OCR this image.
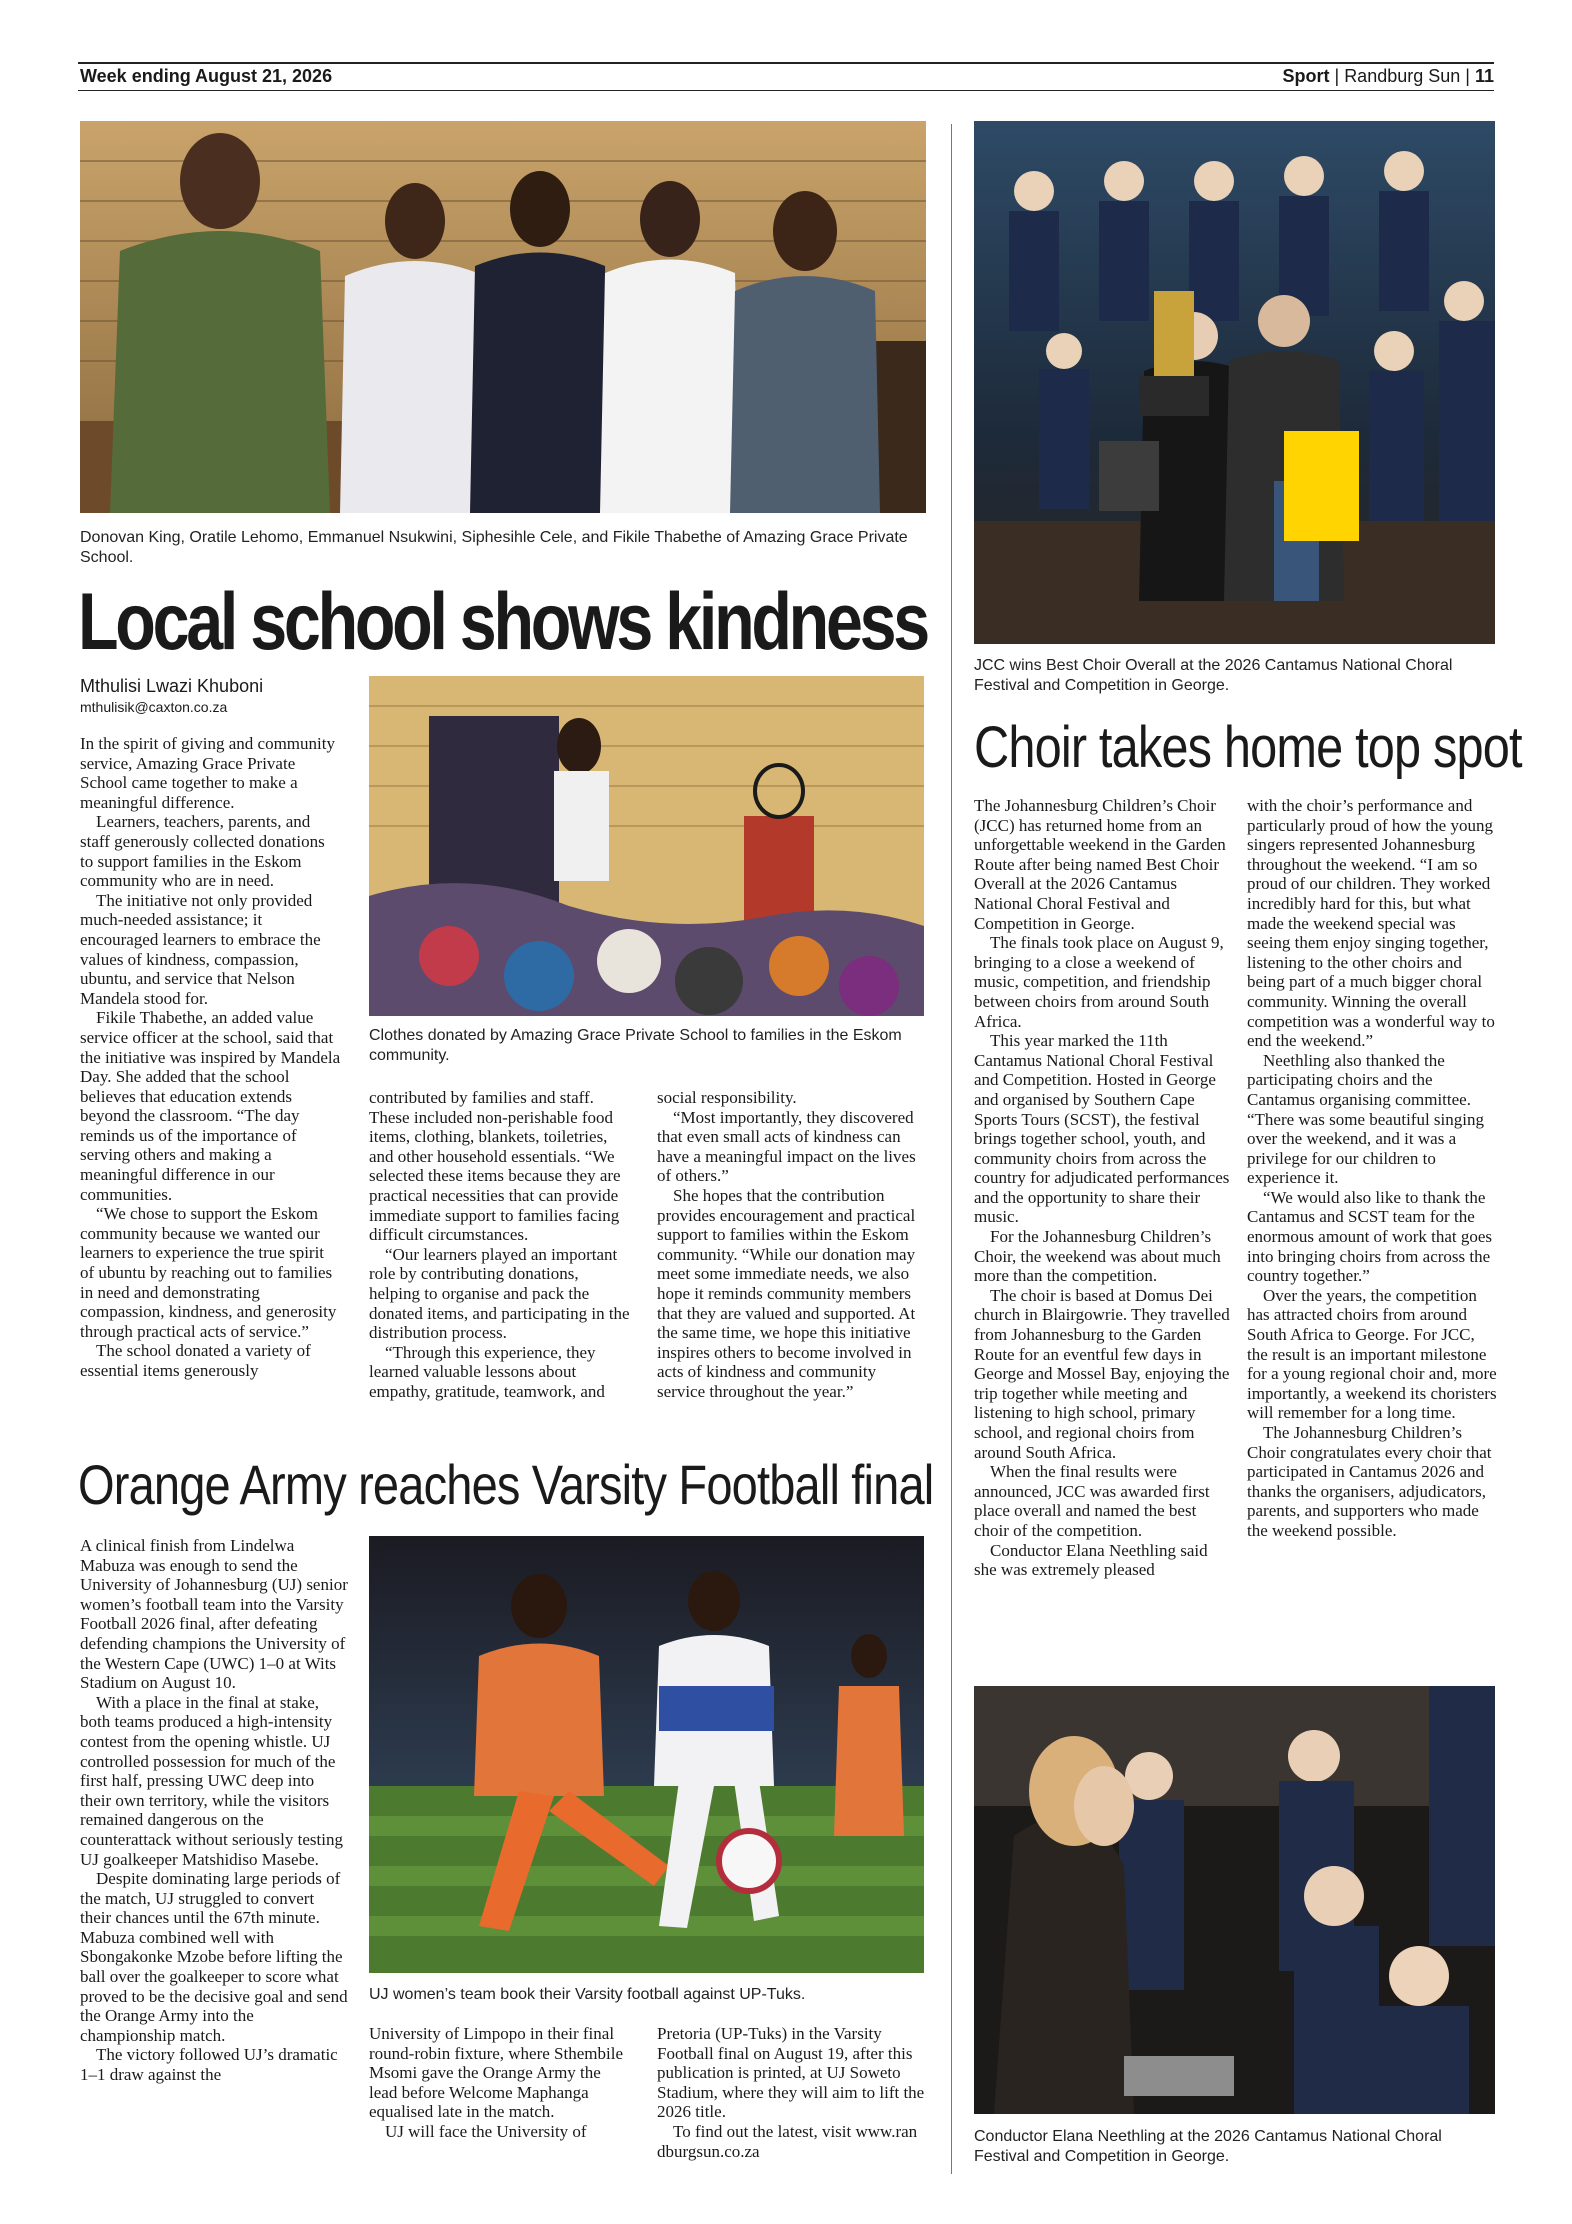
Week ending August 21, 2026	Sport | Randburg Sun | 11
Donovan King, Oratile Lehomo, Emmanuel Nsukwini, Siphesihle Cele, and Fikile Thabethe of Amazing Grace Private School.
Local school shows kindness
Mthulisi Lwazi Khuboni
mthulisik@caxton.co.za
Clothes donated by Amazing Grace Private School to families in the Eskom community.

In the spirit of giving and community service, Amazing Grace Private School came together to make a meaningful difference.

Learners, teachers, parents, and staff generously collected donations to support families in the Eskom community who are in need.

The initiative not only provided much-needed assistance; it encouraged learners to embrace the values of kindness, compassion, ubuntu, and service that Nelson Mandela stood for.

Fikile Thabethe, an added value service officer at the school, said that the initiative was inspired by Mandela Day. She added that the school believes that education extends beyond the classroom. “The day reminds us of the importance of serving others and making a meaningful difference in our communities.

“We chose to support the Eskom community because we wanted our learners to experience the true spirit of ubuntu by reaching out to families in need and demonstrating compassion, kindness, and generosity through practical acts of service.”

The school donated a variety of essential items generously

contributed by families and staff. These included non-perishable food items, clothing, blankets, toiletries, and other household essentials. “We selected these items because they are practical necessities that can provide immediate support to families facing difficult circumstances.

“Our learners played an important role by contributing donations, helping to organise and pack the donated items, and participating in the distribution process.

“Through this experience, they learned valuable lessons about empathy, gratitude, teamwork, and

social responsibility.

“Most importantly, they discovered that even small acts of kindness can have a meaningful impact on the lives of others.”

She hopes that the contribution provides encouragement and practical support to families within the Eskom community. “While our donation may meet some immediate needs, we also hope it reminds community members that they are valued and supported. At the same time, we hope this initiative inspires others to become involved in acts of kindness and community service throughout the year.”

Orange Army reaches Varsity Football final

A clinical finish from Lindelwa Mabuza was enough to send the University of Johannesburg (UJ) senior women’s football team into the Varsity Football 2026 final, after defeating defending champions the University of the Western Cape (UWC) 1–0 at Wits Stadium on August 10.

With a place in the final at stake, both teams produced a high-intensity contest from the opening whistle. UJ controlled possession for much of the first half, pressing UWC deep into their own territory, while the visitors remained dangerous on the counterattack without seriously testing UJ goalkeeper Matshidiso Masebe.

Despite dominating large periods of the match, UJ struggled to convert their chances until the 67th minute. Mabuza combined well with Sbongakonke Mzobe before lifting the ball over the goalkeeper to score what proved to be the decisive goal and send the Orange Army into the championship match.

The victory followed UJ’s dramatic 1–1 draw against the

UJ women’s team book their Varsity football against UP-Tuks.

University of Limpopo in their final round-robin fixture, where Sthembile Msomi gave the Orange Army the lead before Welcome Maphanga equalised late in the match.

UJ will face the University of

Pretoria (UP-Tuks) in the Varsity Football final on August 19, after this publication is printed, at UJ Soweto Stadium, where they will aim to lift the 2026 title.

To find out the latest, visit www.randburgsun.co.za

JCC wins Best Choir Overall at the 2026 Cantamus National Choral Festival and Competition in George.
Choir takes home top spot

The Johannesburg Children’s Choir (JCC) has returned home from an unforgettable weekend in the Garden Route after being named Best Choir Overall at the 2026 Cantamus National Choral Festival and Competition in George.

The finals took place on August 9, bringing to a close a weekend of music, competition, and friendship between choirs from around South Africa.

This year marked the 11th Cantamus National Choral Festival and Competition. Hosted in George and organised by Southern Cape Sports Tours (SCST), the festival brings together school, youth, and community choirs from across the country for adjudicated performances and the opportunity to share their music.

For the Johannesburg Children’s Choir, the weekend was about much more than the competition.

The choir is based at Domus Dei church in Blairgowrie. They travelled from Johannesburg to the Garden Route for an eventful few days in George and Mossel Bay, enjoying the trip together while meeting and listening to high school, primary school, and regional choirs from around South Africa.

When the final results were announced, JCC was awarded first place overall and named the best choir of the competition.

Conductor Elana Neethling said she was extremely pleased

with the choir’s performance and particularly proud of how the young singers represented Johannesburg throughout the weekend. “I am so proud of our children. They worked incredibly hard for this, but what made the weekend special was seeing them enjoy singing together, listening to the other choirs and being part of a much bigger choral community. Winning the overall competition was a wonderful way to end the weekend.”

Neethling also thanked the participating choirs and the Cantamus organising committee. “There was some beautiful singing over the weekend, and it was a privilege for our children to experience it.

“We would also like to thank the Cantamus and SCST team for the enormous amount of work that goes into bringing choirs from across the country together.”

Over the years, the competition has attracted choirs from around South Africa to George. For JCC, the result is an important milestone for a young regional choir and, more importantly, a weekend its choristers will remember for a long time.

The Johannesburg Children’s Choir congratulates every choir that participated in Cantamus 2026 and thanks the organisers, adjudicators, parents, and supporters who made the weekend possible.

Conductor Elana Neethling at the 2026 Cantamus National Choral Festival and Competition in George.
